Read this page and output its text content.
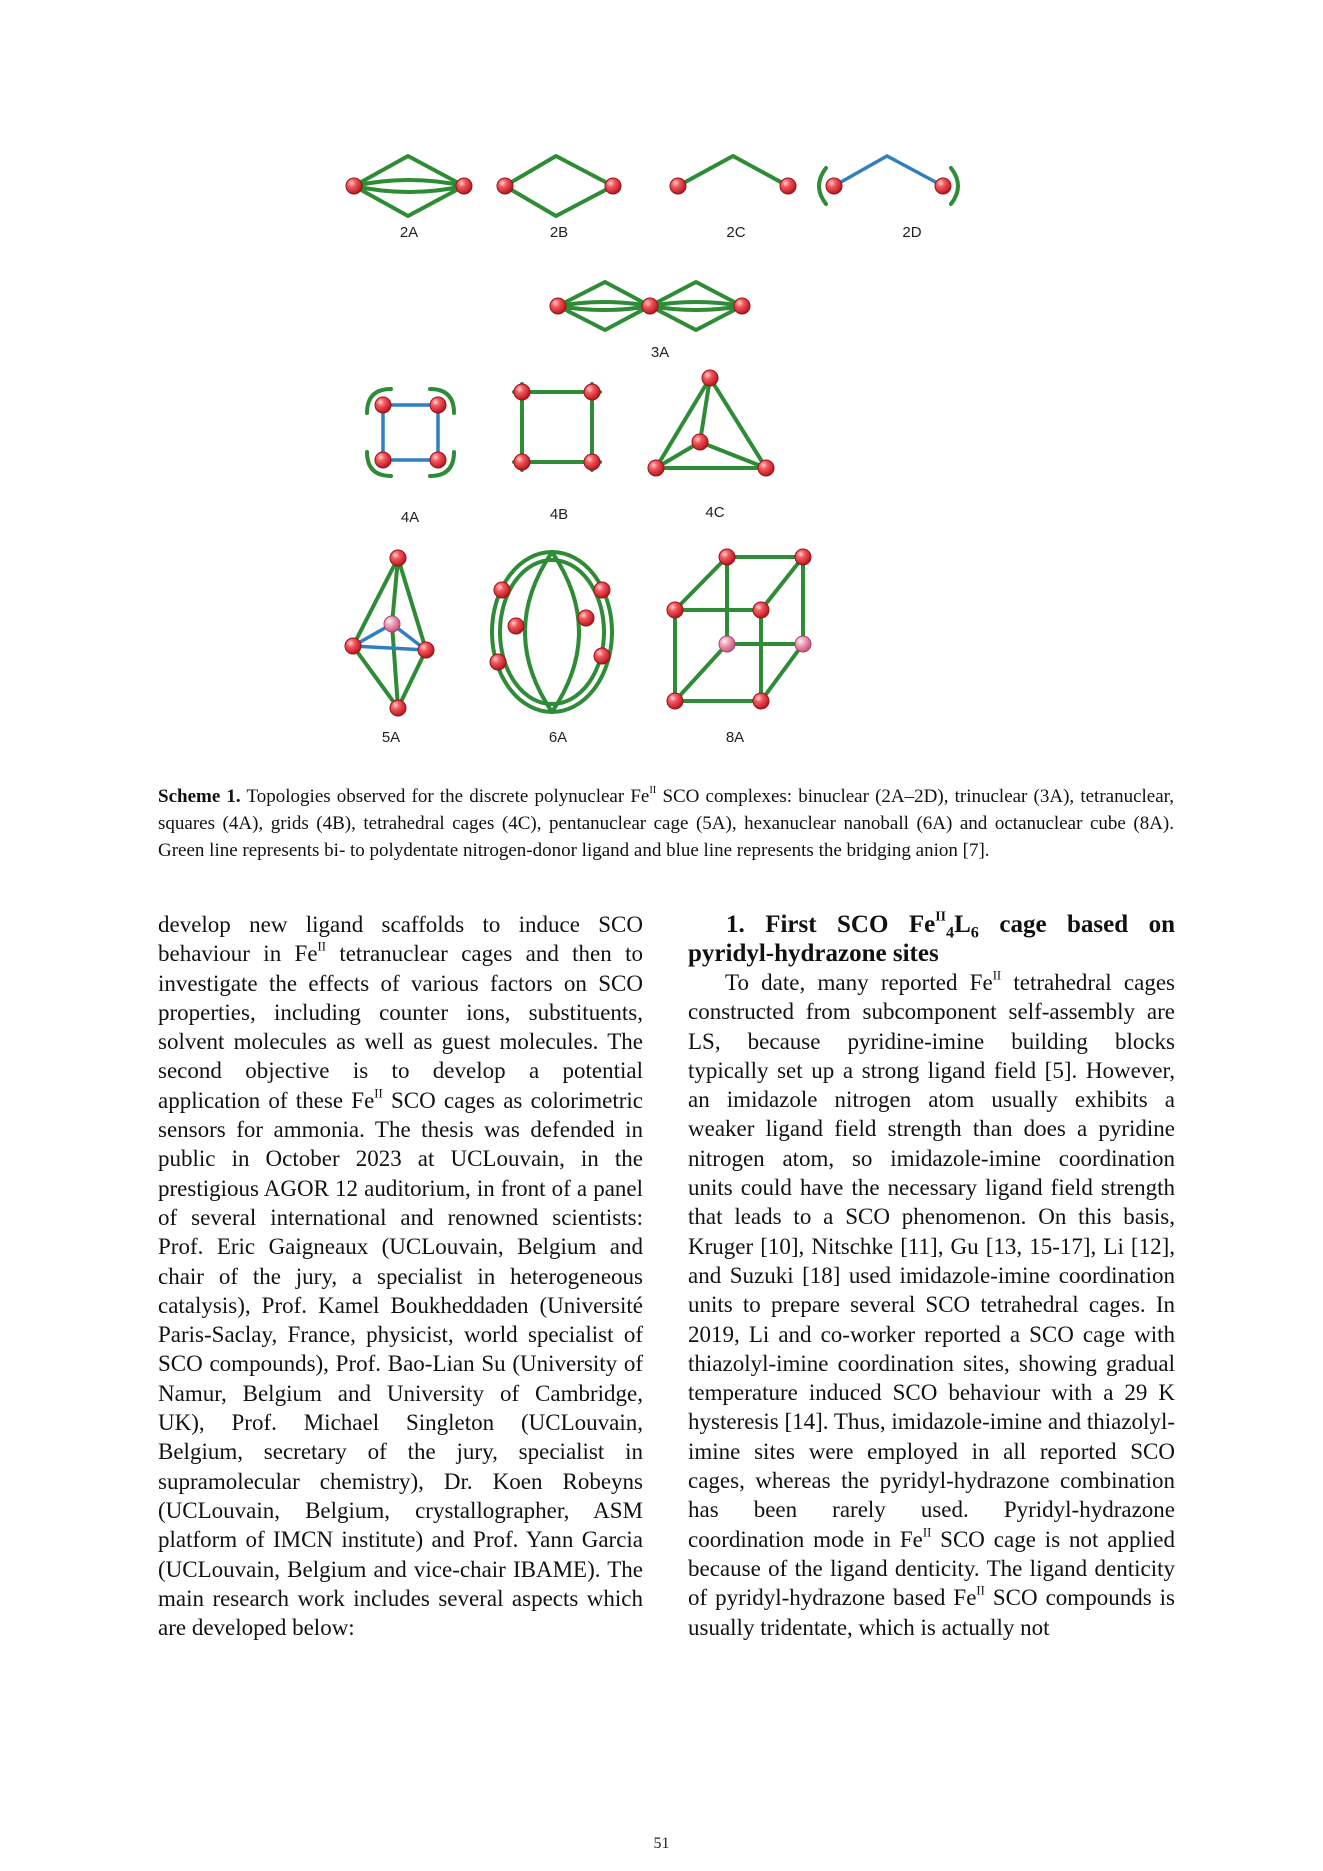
2A	2B	2C	2D
3A
4A	4B	4C
5A	6A	8A
Scheme 1. Topologies observed for the discrete polynuclear $Fe^{II}$ SCO complexes: binuclear (2A–2D), trinuclear (3A), tetranuclear, squares (4A), grids (4B), tetrahedral cages (4C), pentanuclear cage (5A), hexanuclear nanoball (6A) and octanuclear cube (8A). Green line represents bi- to polydentate nitrogen-donor ligand and blue line represents the bridging anion [7].

develop new ligand scaffolds to induce SCO behaviour in $Fe^{II}$ tetranuclear cages and then to investigate the effects of various factors on SCO properties, including counter ions, substituents, solvent molecules as well as guest molecules. The second objective is to develop a potential application of these $Fe^{II}$ SCO cages as colorimetric sensors for ammonia. The thesis was defended in public in October 2023 at UCLouvain, in the prestigious AGOR 12 auditorium, in front of a panel of several international and renowned scientists: Prof. Eric Gaigneaux (UCLouvain, Belgium and chair of the jury, a specialist in heterogeneous catalysis), Prof. Kamel Boukheddaden (Université Paris-Saclay, France, physicist, world specialist of SCO compounds), Prof. Bao-Lian Su (University of Namur, Belgium and University of Cambridge, UK), Prof. Michael Singleton (UCLouvain, Belgium, secretary of the jury, specialist in supramolecular chemistry), Dr. Koen Robeyns (UCLouvain, Belgium, crystallographer, ASM platform of IMCN institute) and Prof. Yann Garcia (UCLouvain, Belgium and vice-chair IBAME). The main research work includes several aspects which are developed below:

1. First SCO $Fe^{II}_4L_6$ cage based on pyridyl-hydrazone sites

To date, many reported $Fe^{II}$ tetrahedral cages constructed from subcomponent self-assembly are LS, because pyridine-imine building blocks typically set up a strong ligand field [5]. However, an imidazole nitrogen atom usually exhibits a weaker ligand field strength than does a pyridine nitrogen atom, so imidazole-imine coordination units could have the necessary ligand field strength that leads to a SCO phenomenon. On this basis, Kruger [10], Nitschke [11], Gu [13, 15-17], Li [12], and Suzuki [18] used imidazole-imine coordination units to prepare several SCO tetrahedral cages. In 2019, Li and co-worker reported a SCO cage with thiazolyl-imine coordination sites, showing gradual temperature induced SCO behaviour with a 29 K hysteresis [14]. Thus, imidazole-imine and thiazolyl-imine sites were employed in all reported SCO cages, whereas the pyridyl-hydrazone combination has been rarely used. Pyridyl-hydrazone coordination mode in $Fe^{II}$ SCO cage is not applied because of the ligand denticity. The ligand denticity of pyridyl-hydrazone based $Fe^{II}$ SCO compounds is usually tridentate, which is actually not

51
